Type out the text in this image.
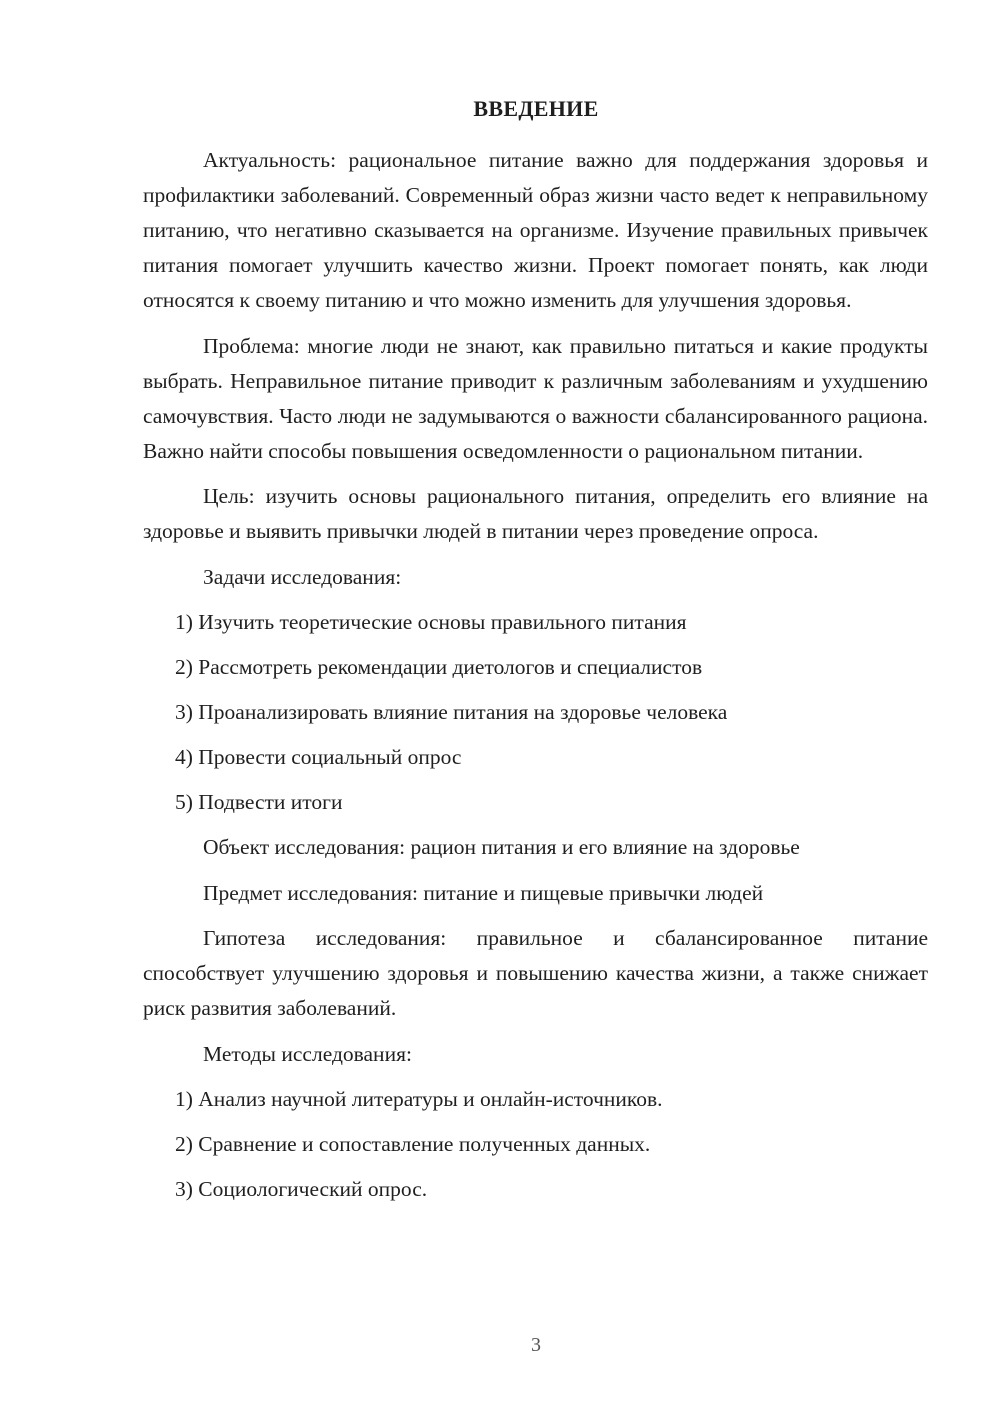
ВВЕДЕНИЕ

Актуальность: рациональное питание важно для поддержания здоровья и профилактики заболеваний. Современный образ жизни часто ведет к неправильному питанию, что негативно сказывается на организме. Изучение правильных привычек питания помогает улучшить качество жизни. Проект помогает понять, как люди относятся к своему питанию и что можно изменить для улучшения здоровья.

Проблема: многие люди не знают, как правильно питаться и какие продукты выбрать. Неправильное питание приводит к различным заболеваниям и ухудшению самочувствия. Часто люди не задумываются о важности сбалансированного рациона. Важно найти способы повышения осведомленности о рациональном питании.

Цель: изучить основы рационального питания, определить его влияние на здоровье и выявить привычки людей в питании через проведение опроса.

Задачи исследования:

1) Изучить теоретические основы правильного питания

2) Рассмотреть рекомендации диетологов и специалистов

3) Проанализировать влияние питания на здоровье человека

4) Провести социальный опрос

5) Подвести итоги

Объект исследования: рацион питания и его влияние на здоровье

Предмет исследования: питание и пищевые привычки людей

Гипотеза исследования: правильное и сбалансированное питание способствует улучшению здоровья и повышению качества жизни, а также снижает риск развития заболеваний.

Методы исследования:

1) Анализ научной литературы и онлайн-источников.

2) Сравнение и сопоставление полученных данных.

3) Социологический опрос.

3
